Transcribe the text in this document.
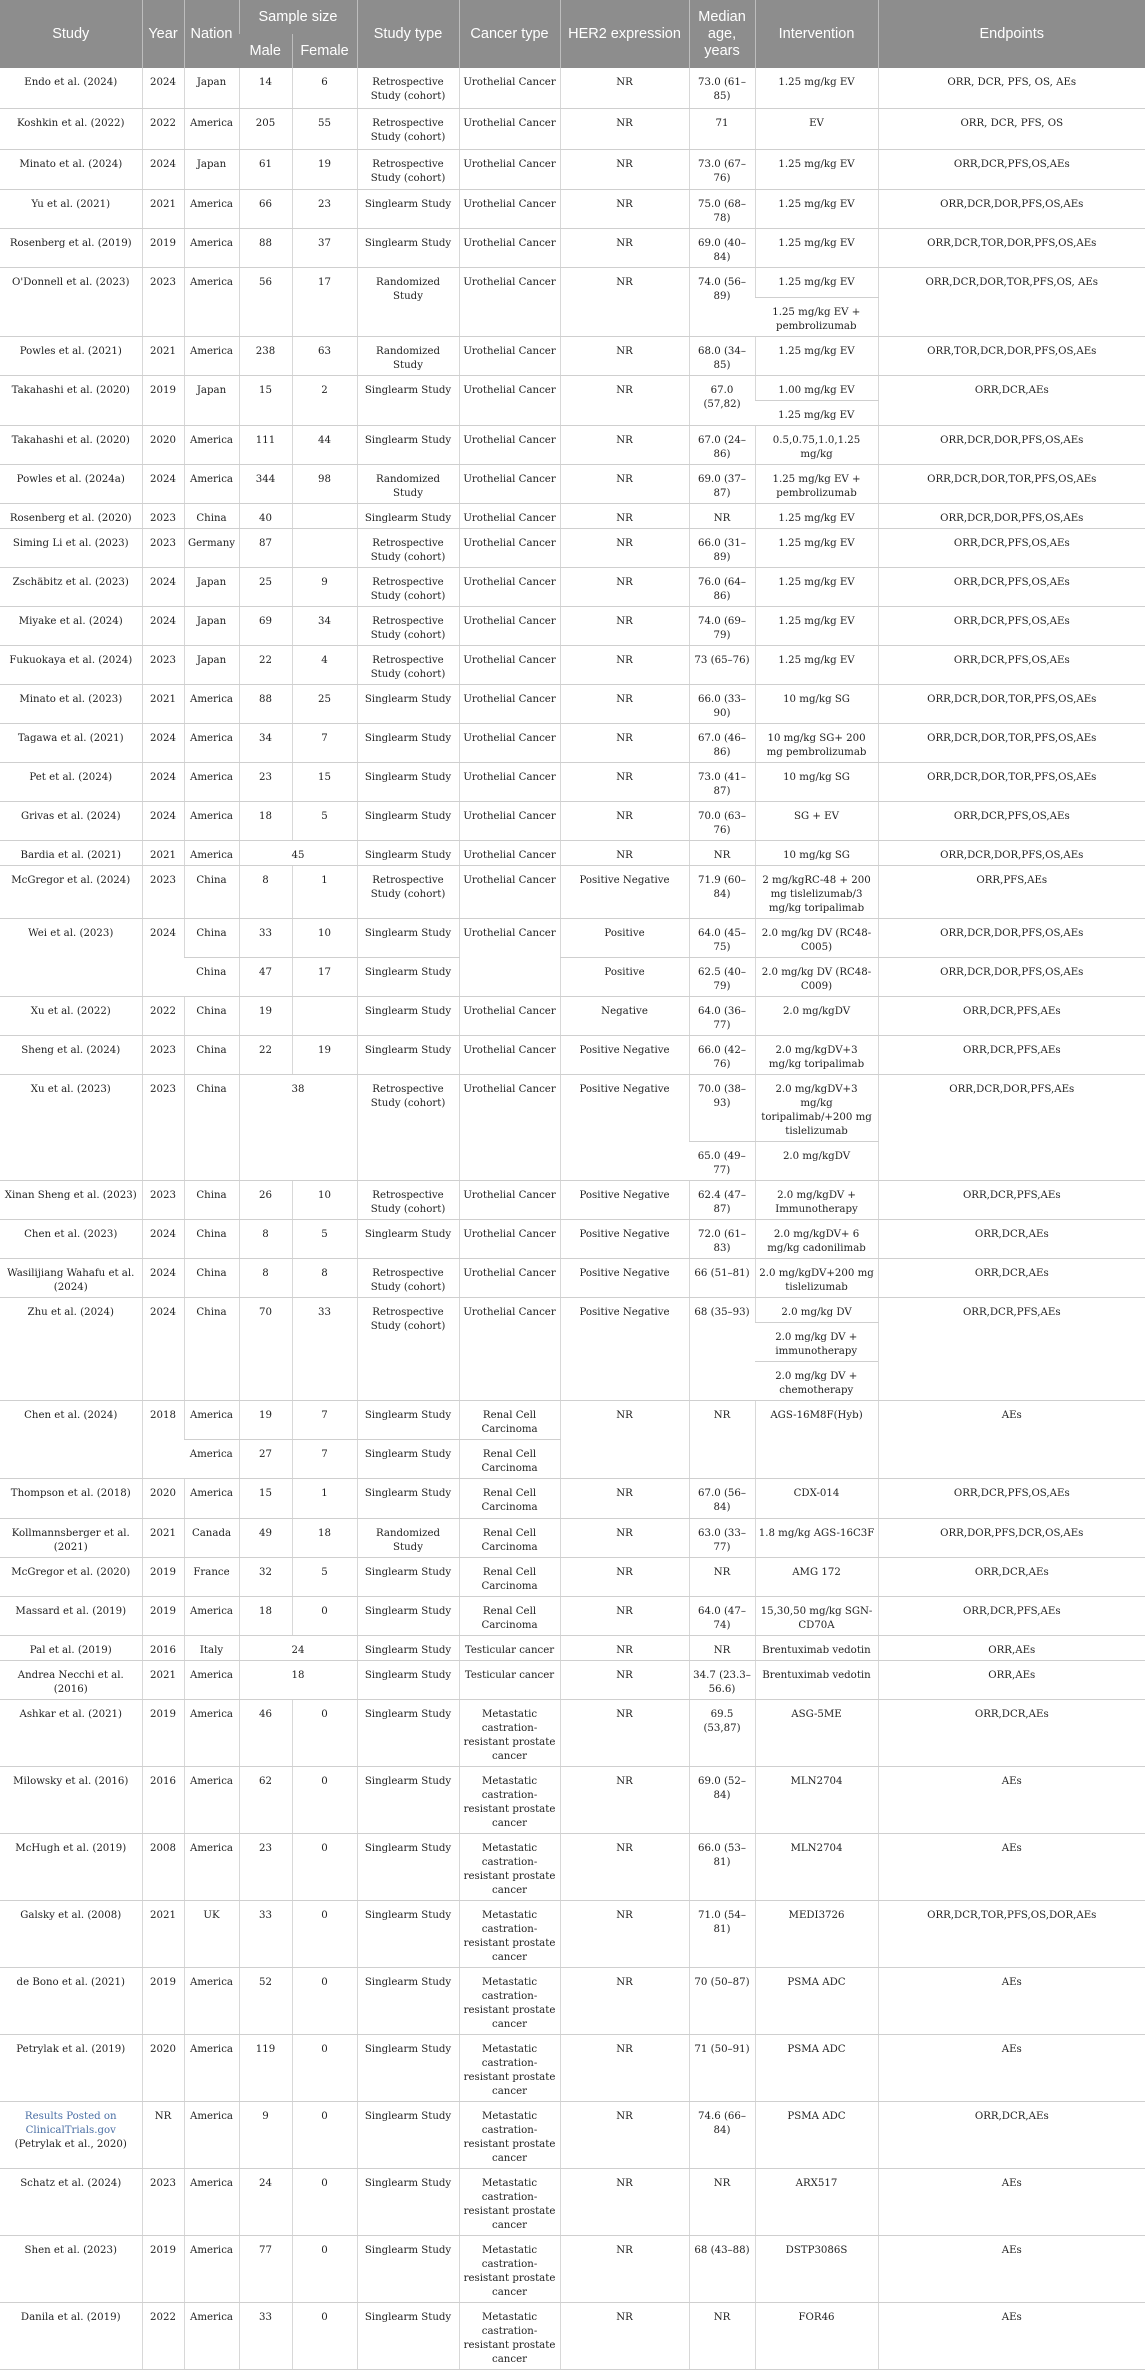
Study	Year	Nation	Sample size		Study type	Cancer type	HER2 expression	Median age, years	Intervention	Endpoints
			Male	Female						
Endo et al. (2024)	2024	Japan	14	6	Retrospective Study (cohort)	Urothelial Cancer	NR	73.0 (61–85)	1.25 mg/kg EV	ORR, DCR, PFS, OS, AEs
Koshkin et al. (2022)	2022	America	205	55	Retrospective Study (cohort)	Urothelial Cancer	NR	71	EV	ORR, DCR, PFS, OS
Minato et al. (2024)	2024	Japan	61	19	Retrospective Study (cohort)	Urothelial Cancer	NR	73.0 (67–76)	1.25 mg/kg EV	ORR,DCR,PFS,OS,AEs
Yu et al. (2021)	2021	America	66	23	Singlearm Study	Urothelial Cancer	NR	75.0 (68–78)	1.25 mg/kg EV	ORR,DCR,DOR,PFS,OS,AEs
Rosenberg et al. (2019)	2019	America	88	37	Singlearm Study	Urothelial Cancer	NR	69.0 (40–84)	1.25 mg/kg EV	ORR,DCR,TOR,DOR,PFS,OS,AEs
O'Donnell et al. (2023)	2023	America	56	17	Randomized Study	Urothelial Cancer	NR	74.0 (56–89)	1.25 mg/kg EV	ORR,DCR,DOR,TOR,PFS,OS, AEs
									1.25 mg/kg EV + pembrolizumab	
Powles et al. (2021)	2021	America	238	63	Randomized Study	Urothelial Cancer	NR	68.0 (34–85)	1.25 mg/kg EV	ORR,TOR,DCR,DOR,PFS,OS,AEs
Takahashi et al. (2020)	2019	Japan	15	2	Singlearm Study	Urothelial Cancer	NR	67.0 (57,82)	1.00 mg/kg EV	ORR,DCR,AEs
									1.25 mg/kg EV	
Takahashi et al. (2020)	2020	America	111	44	Singlearm Study	Urothelial Cancer	NR	67.0 (24–86)	0.5,0.75,1.0,1.25 mg/kg	ORR,DCR,DOR,PFS,OS,AEs
Powles et al. (2024a)	2024	America	344	98	Randomized Study	Urothelial Cancer	NR	69.0 (37–87)	1.25 mg/kg EV + pembrolizumab	ORR,DCR,DOR,TOR,PFS,OS,AEs
Rosenberg et al. (2020)	2023	China	40		Singlearm Study	Urothelial Cancer	NR	NR	1.25 mg/kg EV	ORR,DCR,DOR,PFS,OS,AEs
Siming Li et al. (2023)	2023	Germany	87		Retrospective Study (cohort)	Urothelial Cancer	NR	66.0 (31–89)	1.25 mg/kg EV	ORR,DCR,PFS,OS,AEs
Zschäbitz et al. (2023)	2024	Japan	25	9	Retrospective Study (cohort)	Urothelial Cancer	NR	76.0 (64–86)	1.25 mg/kg EV	ORR,DCR,PFS,OS,AEs
Miyake et al. (2024)	2024	Japan	69	34	Retrospective Study (cohort)	Urothelial Cancer	NR	74.0 (69–79)	1.25 mg/kg EV	ORR,DCR,PFS,OS,AEs
Fukuokaya et al. (2024)	2023	Japan	22	4	Retrospective Study (cohort)	Urothelial Cancer	NR	73 (65–76)	1.25 mg/kg EV	ORR,DCR,PFS,OS,AEs
Minato et al. (2023)	2021	America	88	25	Singlearm Study	Urothelial Cancer	NR	66.0 (33–90)	10 mg/kg SG	ORR,DCR,DOR,TOR,PFS,OS,AEs
Tagawa et al. (2021)	2024	America	34	7	Singlearm Study	Urothelial Cancer	NR	67.0 (46–86)	10 mg/kg SG+ 200 mg pembrolizumab	ORR,DCR,DOR,TOR,PFS,OS,AEs
Pet et al. (2024)	2024	America	23	15	Singlearm Study	Urothelial Cancer	NR	73.0 (41–87)	10 mg/kg SG	ORR,DCR,DOR,TOR,PFS,OS,AEs
Grivas et al. (2024)	2024	America	18	5	Singlearm Study	Urothelial Cancer	NR	70.0 (63–76)	SG + EV	ORR,DCR,PFS,OS,AEs
Bardia et al. (2021)	2021	America	45		Singlearm Study	Urothelial Cancer	NR	NR	10 mg/kg SG	ORR,DCR,DOR,PFS,OS,AEs
McGregor et al. (2024)	2023	China	8	1	Retrospective Study (cohort)	Urothelial Cancer	Positive Negative	71.9 (60–84)	2 mg/kgRC-48 + 200 mg tislelizumab/3 mg/kg toripalimab	ORR,PFS,AEs
Wei et al. (2023)	2024	China	33	10	Singlearm Study	Urothelial Cancer	Positive	64.0 (45–75)	2.0 mg/kg DV (RC48-C005)	ORR,DCR,DOR,PFS,OS,AEs
		China	47	17	Singlearm Study		Positive	62.5 (40–79)	2.0 mg/kg DV (RC48-C009)	ORR,DCR,DOR,PFS,OS,AEs
Xu et al. (2022)	2022	China	19		Singlearm Study	Urothelial Cancer	Negative	64.0 (36–77)	2.0 mg/kgDV	ORR,DCR,PFS,AEs
Sheng et al. (2024)	2023	China	22	19	Singlearm Study	Urothelial Cancer	Positive Negative	66.0 (42–76)	2.0 mg/kgDV+3 mg/kg toripalimab	ORR,DCR,PFS,AEs
Xu et al. (2023)	2023	China	38		Retrospective Study (cohort)	Urothelial Cancer	Positive Negative	70.0 (38–93)	2.0 mg/kgDV+3 mg/kg toripalimab/+200 mg tislelizumab	ORR,DCR,DOR,PFS,AEs
								65.0 (49–77)	2.0 mg/kgDV	
Xinan Sheng et al. (2023)	2023	China	26	10	Retrospective Study (cohort)	Urothelial Cancer	Positive Negative	62.4 (47–87)	2.0 mg/kgDV + Immunotherapy	ORR,DCR,PFS,AEs
Chen et al. (2023)	2024	China	8	5	Singlearm Study	Urothelial Cancer	Positive Negative	72.0 (61–83)	2.0 mg/kgDV+ 6 mg/kg cadonilimab	ORR,DCR,AEs
Wasilijiang Wahafu et al. (2024)	2024	China	8	8	Retrospective Study (cohort)	Urothelial Cancer	Positive Negative	66 (51–81)	2.0 mg/kgDV+200 mg tislelizumab	ORR,DCR,AEs
Zhu et al. (2024)	2024	China	70	33	Retrospective Study (cohort)	Urothelial Cancer	Positive Negative	68 (35–93)	2.0 mg/kg DV	ORR,DCR,PFS,AEs
									2.0 mg/kg DV + immunotherapy	
									2.0 mg/kg DV + chemotherapy	
Chen et al. (2024)	2018	America	19	7	Singlearm Study	Renal Cell Carcinoma	NR	NR	AGS-16M8F(Hyb)	AEs
		America	27	7	Singlearm Study	Renal Cell Carcinoma				
Thompson et al. (2018)	2020	America	15	1	Singlearm Study	Renal Cell Carcinoma	NR	67.0 (56–84)	CDX-014	ORR,DCR,PFS,OS,AEs
Kollmannsberger et al. (2021)	2021	Canada	49	18	Randomized Study	Renal Cell Carcinoma	NR	63.0 (33–77)	1.8 mg/kg AGS-16C3F	ORR,DOR,PFS,DCR,OS,AEs
McGregor et al. (2020)	2019	France	32	5	Singlearm Study	Renal Cell Carcinoma	NR	NR	AMG 172	ORR,DCR,AEs
Massard et al. (2019)	2019	America	18	0	Singlearm Study	Renal Cell Carcinoma	NR	64.0 (47–74)	15,30,50 mg/kg SGN-CD70A	ORR,DCR,PFS,AEs
Pal et al. (2019)	2016	Italy	24		Singlearm Study	Testicular cancer	NR	NR	Brentuximab vedotin	ORR,AEs
Andrea Necchi et al. (2016)	2021	America	18		Singlearm Study	Testicular cancer	NR	34.7 (23.3–56.6)	Brentuximab vedotin	ORR,AEs
Ashkar et al. (2021)	2019	America	46	0	Singlearm Study	Metastatic castration-resistant prostate cancer	NR	69.5 (53,87)	ASG-5ME	ORR,DCR,AEs
Milowsky et al. (2016)	2016	America	62	0	Singlearm Study	Metastatic castration-resistant prostate cancer	NR	69.0 (52–84)	MLN2704	AEs
McHugh et al. (2019)	2008	America	23	0	Singlearm Study	Metastatic castration-resistant prostate cancer	NR	66.0 (53–81)	MLN2704	AEs
Galsky et al. (2008)	2021	UK	33	0	Singlearm Study	Metastatic castration-resistant prostate cancer	NR	71.0 (54–81)	MEDI3726	ORR,DCR,TOR,PFS,OS,DOR,AEs
de Bono et al. (2021)	2019	America	52	0	Singlearm Study	Metastatic castration-resistant prostate cancer	NR	70 (50–87)	PSMA ADC	AEs
Petrylak et al. (2019)	2020	America	119	0	Singlearm Study	Metastatic castration-resistant prostate cancer	NR	71 (50–91)	PSMA ADC	AEs
Results Posted on ClinicalTrials.gov
(Petrylak et al., 2020)	NR	America	9	0	Singlearm Study	Metastatic castration-resistant prostate cancer	NR	74.6 (66–84)	PSMA ADC	ORR,DCR,AEs
Schatz et al. (2024)	2023	America	24	0	Singlearm Study	Metastatic castration-resistant prostate cancer	NR	NR	ARX517	AEs
Shen et al. (2023)	2019	America	77	0	Singlearm Study	Metastatic castration-resistant prostate cancer	NR	68 (43–88)	DSTP3086S	AEs
Danila et al. (2019)	2022	America	33	0	Singlearm Study	Metastatic castration-resistant prostate cancer	NR	NR	FOR46	AEs
